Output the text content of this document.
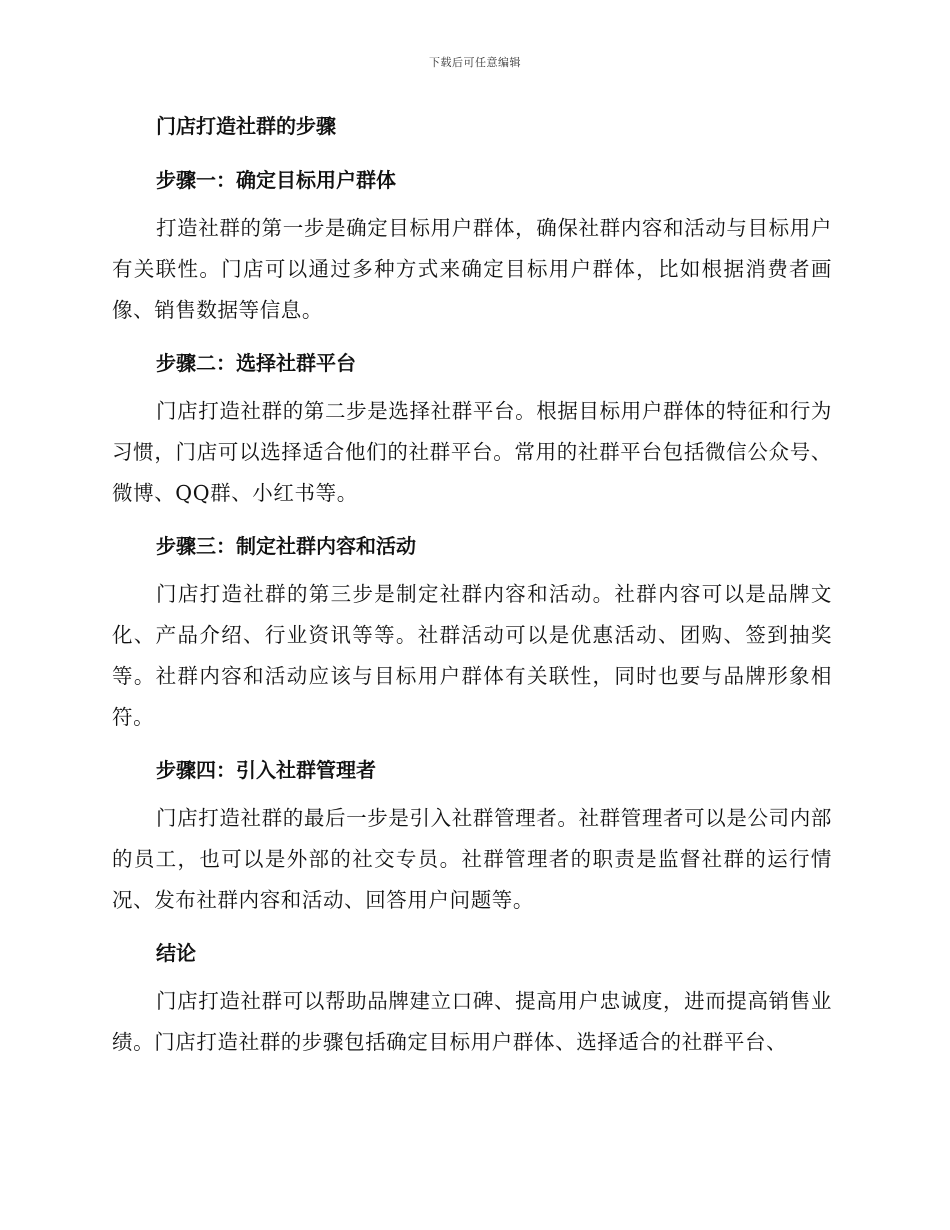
下载后可任意编辑
门店打造社群的步骤
步骤一：确定目标用户群体

打造社群的第一步是确定目标用户群体，确保社群内容和活动与目标用户有关联性。门店可以通过多种方式来确定目标用户群体，比如根据消费者画像、销售数据等信息。

步骤二：选择社群平台

门店打造社群的第二步是选择社群平台。根据目标用户群体的特征和行为习惯，门店可以选择适合他们的社群平台。常用的社群平台包括微信公众号、微博、QQ群、小红书等。

步骤三：制定社群内容和活动

门店打造社群的第三步是制定社群内容和活动。社群内容可以是品牌文化、产品介绍、行业资讯等等。社群活动可以是优惠活动、团购、签到抽奖等。社群内容和活动应该与目标用户群体有关联性，同时也要与品牌形象相符。

步骤四：引入社群管理者

门店打造社群的最后一步是引入社群管理者。社群管理者可以是公司内部的员工，也可以是外部的社交专员。社群管理者的职责是监督社群的运行情况、发布社群内容和活动、回答用户问题等。

结论

门店打造社群可以帮助品牌建立口碑、提高用户忠诚度，进而提高销售业绩。门店打造社群的步骤包括确定目标用户群体、选择适合的社群平台、
